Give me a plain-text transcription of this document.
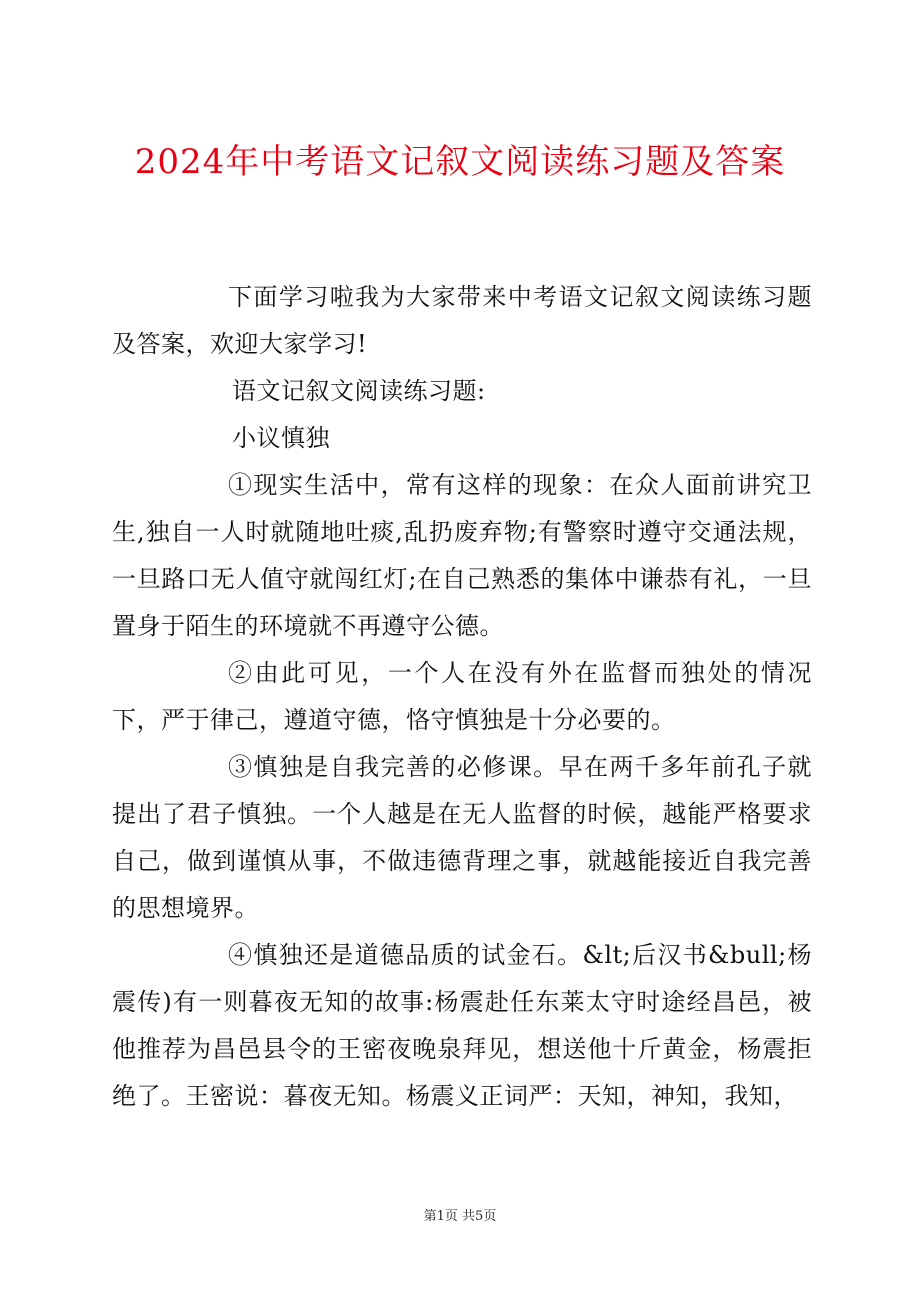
2024年中考语文记叙文阅读练习题及答案

下面学习啦我为大家带来中考语文记叙文阅读练习题及答案，欢迎大家学习!

语文记叙文阅读练习题:

小议慎独

①现实生活中，常有这样的现象：在众人面前讲究卫生,独自一人时就随地吐痰,乱扔废弃物;有警察时遵守交通法规，一旦路口无人值守就闯红灯;在自己熟悉的集体中谦恭有礼，一旦置身于陌生的环境就不再遵守公德。

②由此可见，一个人在没有外在监督而独处的情况下，严于律己，遵道守德，恪守慎独是十分必要的。

③慎独是自我完善的必修课。早在两千多年前孔子就提出了君子慎独。一个人越是在无人监督的时候，越能严格要求自己，做到谨慎从事，不做违德背理之事，就越能接近自我完善的思想境界。

④慎独还是道德品质的试金石。&lt;后汉书&bull;杨震传)有一则暮夜无知的故事:杨震赴任东莱太守时途经昌邑，被他推荐为昌邑县令的王密夜晚泉拜见，想送他十斤黄金，杨震拒绝了。王密说：暮夜无知。杨震义正词严：天知，神知，我知，

第1页 共5页
